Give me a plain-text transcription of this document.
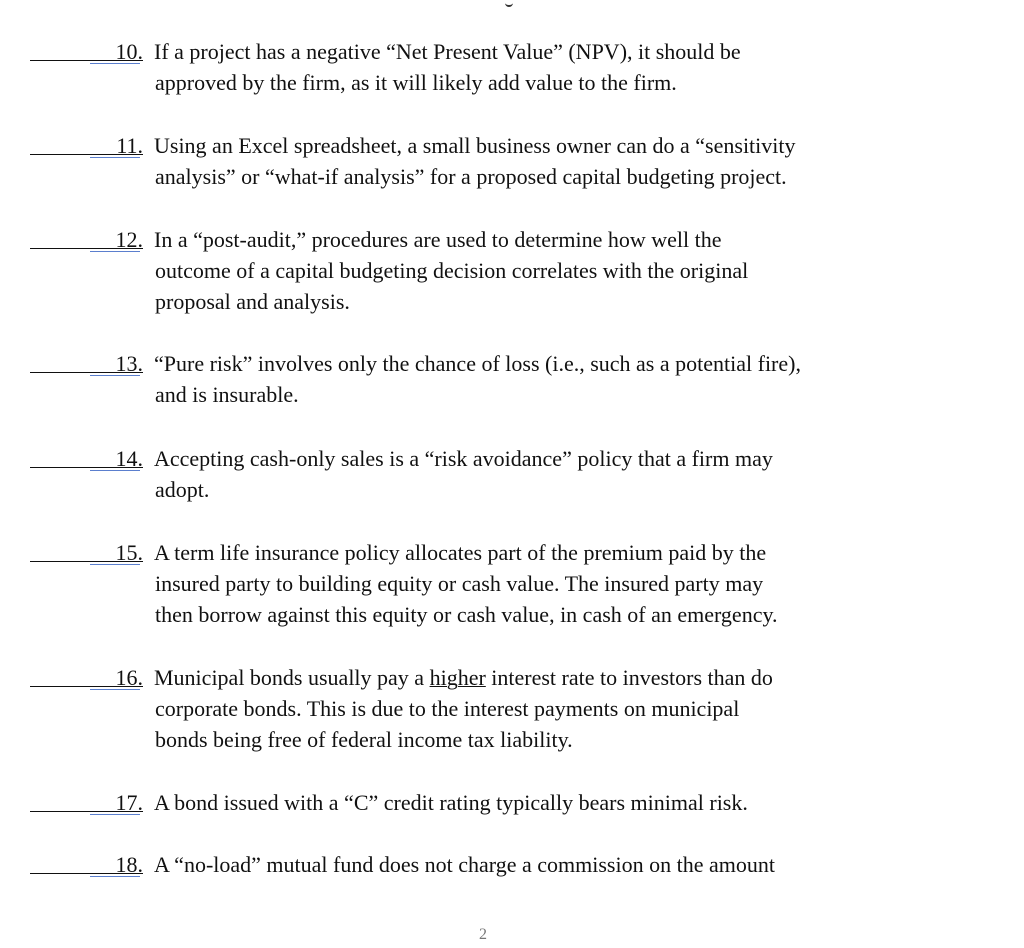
10. If a project has a negative “Net Present Value” (NPV), it should be
approved by the firm, as it will likely add value to the firm.
11. Using an Excel spreadsheet, a small business owner can do a “sensitivity
analysis” or “what-if analysis” for a proposed capital budgeting project.
12. In a “post-audit,” procedures are used to determine how well the
outcome of a capital budgeting decision correlates with the original
proposal and analysis.
13. “Pure risk” involves only the chance of loss (i.e., such as a potential fire),
and is insurable.
14. Accepting cash-only sales is a “risk avoidance” policy that a firm may
adopt.
15. A term life insurance policy allocates part of the premium paid by the
insured party to building equity or cash value. The insured party may
then borrow against this equity or cash value, in cash of an emergency.
16. Municipal bonds usually pay a higher interest rate to investors than do
corporate bonds. This is due to the interest payments on municipal
bonds being free of federal income tax liability.
17. A bond issued with a “C” credit rating typically bears minimal risk.
18. A “no-load” mutual fund does not charge a commission on the amount
2
